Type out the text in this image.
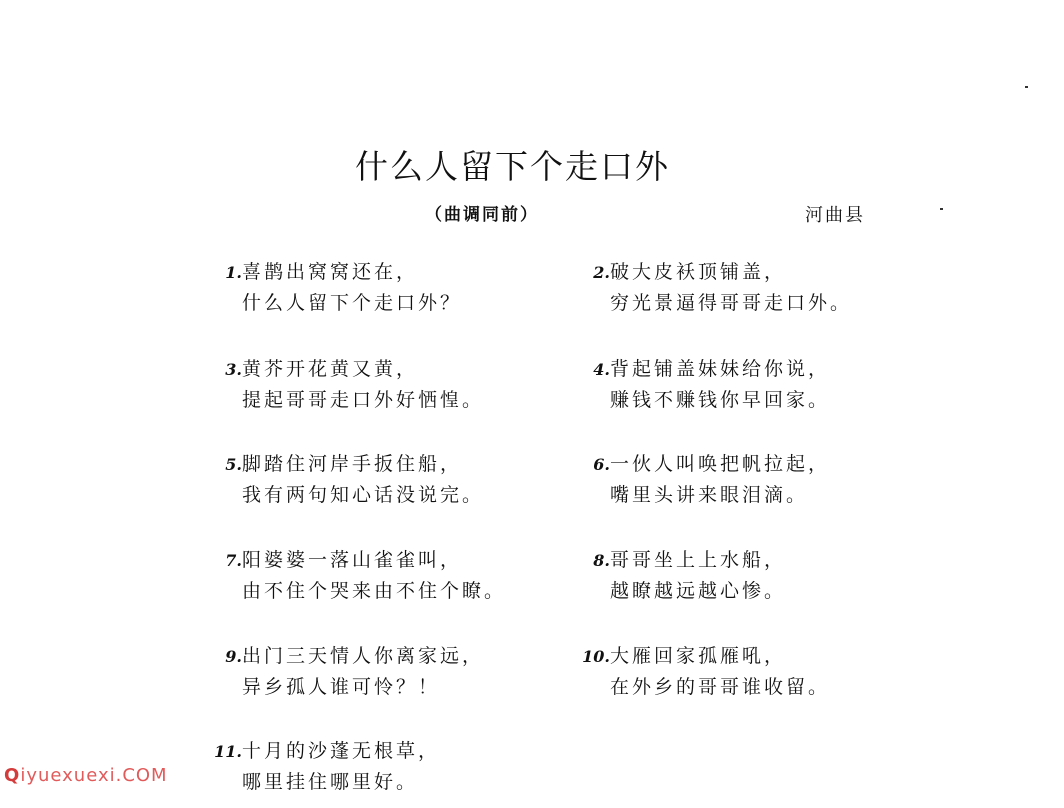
什么人留下个走口外
（曲调同前）	河曲县
1.喜鹊出窝窝还在，
什么人留下个走口外？
2.破大皮袄顶铺盖，
穷光景逼得哥哥走口外。
3.黄芥开花黄又黄，
提起哥哥走口外好恓惶。
4.背起铺盖妹妹给你说，
赚钱不赚钱你早回家。
5.脚踏住河岸手扳住船，
我有两句知心话没说完。
6.一伙人叫唤把帆拉起，
嘴里头讲来眼泪滴。
7.阳婆婆一落山雀雀叫，
由不住个哭来由不住个瞭。
8.哥哥坐上上水船，
越瞭越远越心惨。
9.出门三天情人你离家远，
异乡孤人谁可怜？！
10.大雁回家孤雁吼，
在外乡的哥哥谁收留。
11.十月的沙蓬无根草，
哪里挂住哪里好。
Qiyuexuexi.COM
